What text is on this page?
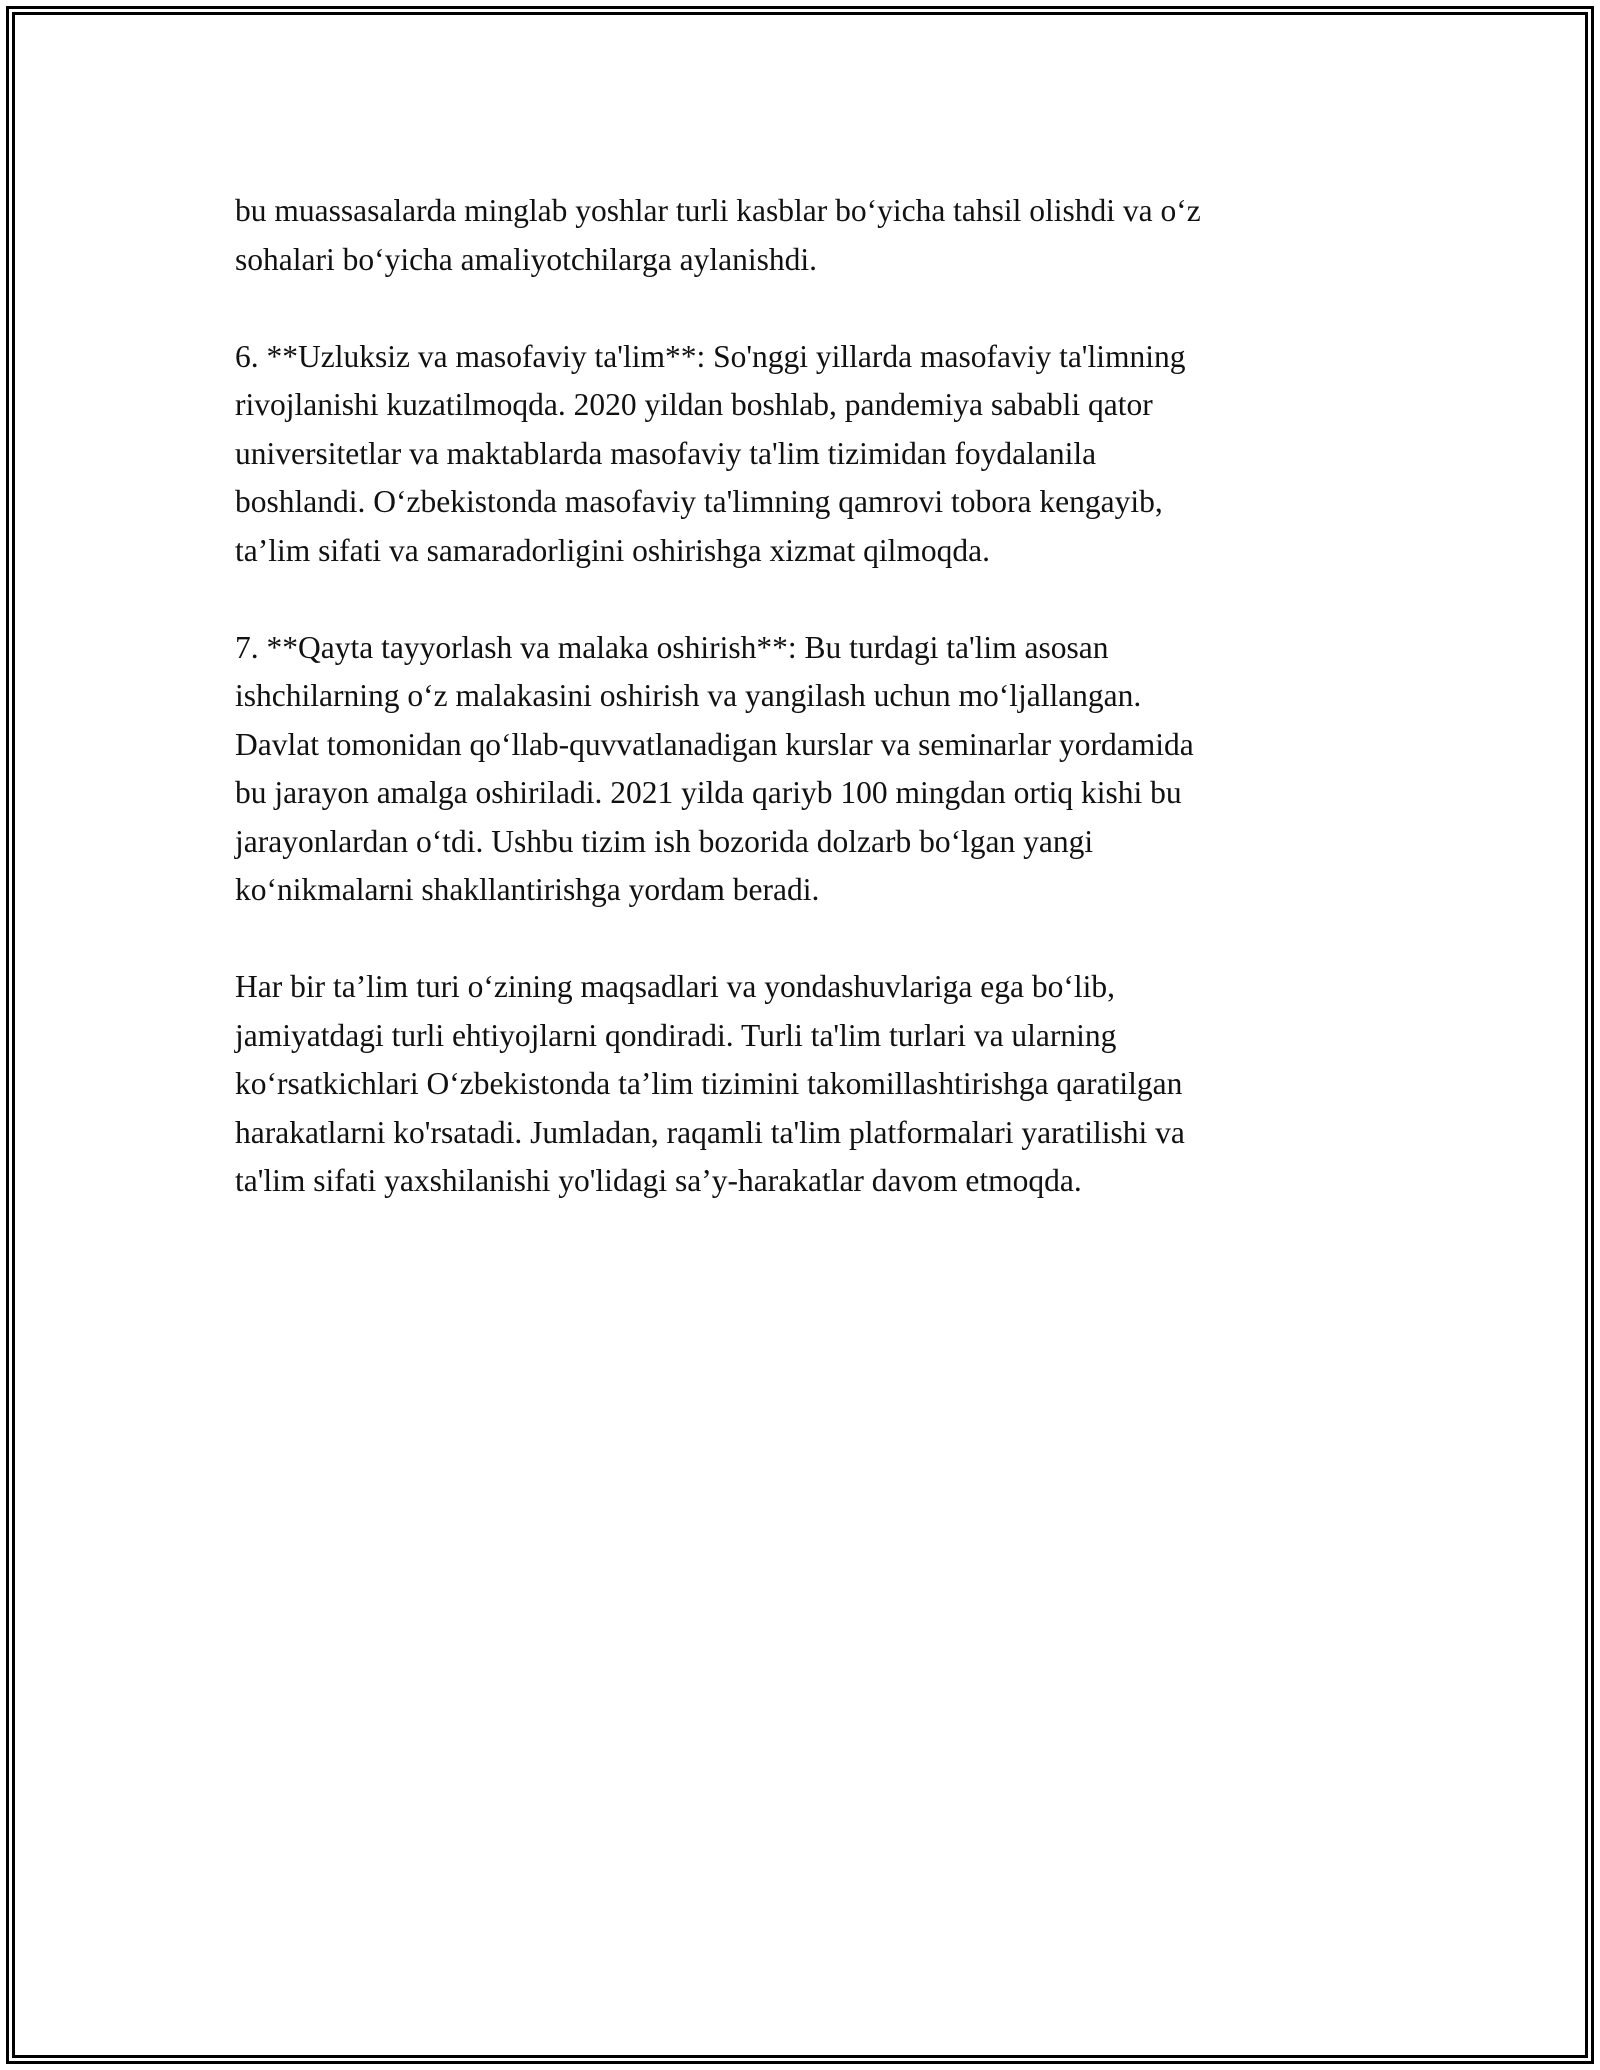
bu muassasalarda minglab yoshlar turli kasblar bo‘yicha tahsil olishdi va o‘z
sohalari bo‘yicha amaliyotchilarga aylanishdi.
6. **Uzluksiz va masofaviy ta'lim**: So'nggi yillarda masofaviy ta'limning
rivojlanishi kuzatilmoqda. 2020 yildan boshlab, pandemiya sababli qator
universitetlar va maktablarda masofaviy ta'lim tizimidan foydalanila
boshlandi. O‘zbekistonda masofaviy ta'limning qamrovi tobora kengayib,
ta’lim sifati va samaradorligini oshirishga xizmat qilmoqda.
7. **Qayta tayyorlash va malaka oshirish**: Bu turdagi ta'lim asosan
ishchilarning o‘z malakasini oshirish va yangilash uchun mo‘ljallangan.
Davlat tomonidan qo‘llab-quvvatlanadigan kurslar va seminarlar yordamida
bu jarayon amalga oshiriladi. 2021 yilda qariyb 100 mingdan ortiq kishi bu
jarayonlardan o‘tdi. Ushbu tizim ish bozorida dolzarb bo‘lgan yangi
ko‘nikmalarni shakllantirishga yordam beradi.
Har bir ta’lim turi o‘zining maqsadlari va yondashuvlariga ega bo‘lib,
jamiyatdagi turli ehtiyojlarni qondiradi. Turli ta'lim turlari va ularning
ko‘rsatkichlari O‘zbekistonda ta’lim tizimini takomillashtirishga qaratilgan
harakatlarni ko'rsatadi. Jumladan, raqamli ta'lim platformalari yaratilishi va
ta'lim sifati yaxshilanishi yo'lidagi sa’y-harakatlar davom etmoqda.
